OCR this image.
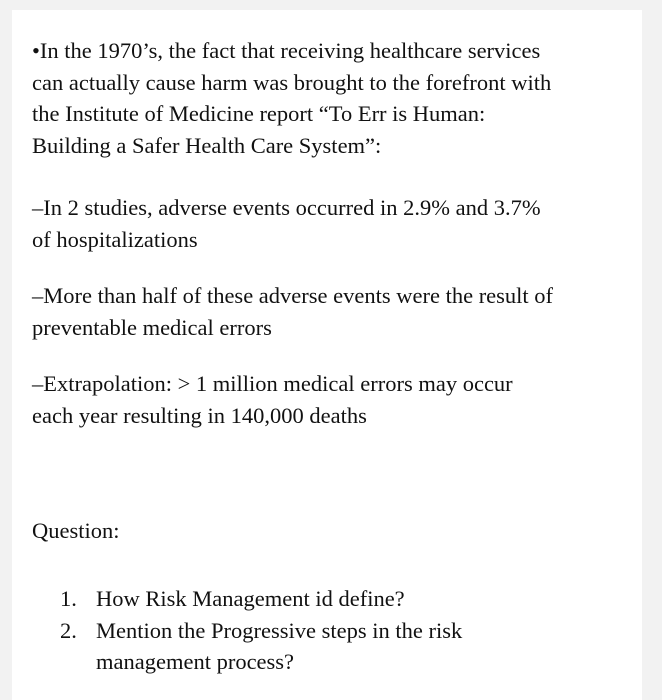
•In the 1970’s, the fact that receiving healthcare services
can actually cause harm was brought to the forefront with
the Institute of Medicine report “To Err is Human:
Building a Safer Health Care System”:
–In 2 studies, adverse events occurred in 2.9% and 3.7%
of hospitalizations
–More than half of these adverse events were the result of
preventable medical errors
–Extrapolation: > 1 million medical errors may occur
each year resulting in 140,000 deaths
Question:
1. How Risk Management id define?
2. Mention the Progressive steps in the risk
management process?
